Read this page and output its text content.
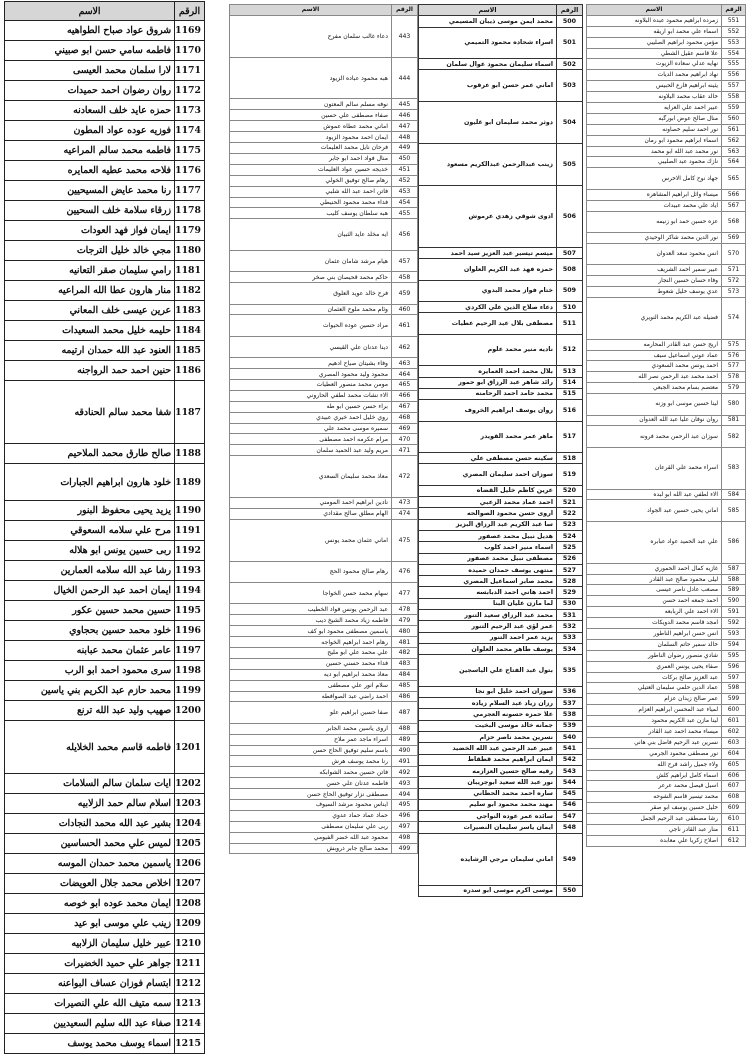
الرقم	الاسم
1169	شروق عواد صباح الطواهيه
1170	فاطمه سامي حسن ابو صبيني
1171	لارا سلمان محمد العيسى
1172	روان رضوان احمد حميدات
1173	حمزه عايد خلف السعادنه
1174	فوزيه عوده عواد المطون
1175	فاطمه محمد سالم المراعيه
1176	فلاحه محمد عطيه العمايره
1177	رنا محمد عايض المسيحيين
1178	زرقاء سلامة خلف السحيين
1179	ايمان فواز فهد العودات
1180	مجي خالد خليل الترجات
1181	رامي سليمان صقر التعانيه
1182	منار هارون عطا الله المراعيه
1183	عرين عيسى خلف المعاني
1184	حليمه خليل محمد السعيدات
1185	العنود عبد الله حمدان ارتيمه
1186	حنين احمد حمد الرواجنه
1187	شفا محمد سالم الحنادقه
1188	صالح طارق محمد الملاحيم
1189	خلود هارون ابراهيم الجبارات
1190	يزيد يحيى محفوظ البنور
1191	مرح علي سلامه السعوقي
1192	ربى حسين يونس ابو هلاله
1193	رشا عبد الله سلامه العمارين
1194	ايمان احمد عبد الرحمن الخيال
1195	حسين محمد حسين عكور
1196	خلود محمد حسين بحجاوي
1197	عامر عثمان محمد عبابنه
1198	سرى محمود احمد ابو الرب
1199	محمد حازم عبد الكريم بني ياسين
1200	صهيب وليد عبد الله ترنع
1201	فاطمه قاسم محمد الخلايله
1202	ايات سلمان سالم السلامات
1203	اسلام سالم حمد الزلابيه
1204	بشير عبد الله محمد النجادات
1205	لميس علي محمد الحساسين
1206	ياسمين محمد حمدان الموسه
1207	اخلاص محمد جلال العويضات
1208	ايمان محمد عوده ابو خوصه
1209	زينب علي موسى ابو عيد
1210	عبير خليل سليمان الزلابيه
1211	جواهر علي حميد الخضيرات
1212	ابتسام فوزان عساف البواعنه
1213	سمه متيف الله علي النصيرات
1214	صفاء عبد الله سليم السعيديين
1215	اسماء يوسف محمد يوسف
الرقم	الاسم
443	دعاء غالب سلمان مفرح
444	هبه محمود عباده الزيود
445	نوفه مسلم سالم المعتون
446	صفاء مصطفى علي حسين
447	اماني محمد عطاه عموش
448	ايمان احمد محمود الزيود
449	فرحان نايل محمد العليمات
450	منال فواد احمد ابو جابر
451	خديجه حسين عواد العليمات
452	رهام صالح توفيق الخولي
453	فاتن احمد عبد الله شلبي
454	فداء محمد محمود الحنيطي
455	هبه سلطان يوسف كليب
456	ايه مخلد عايد الثبيان
457	هيام مرشد شامان عثمان
458	حاكم محمد قحيصان بني صخر
459	فرح خالد عويد العلوق
460	وئام محمد ملوح العثمان
461	مراد حسين عوده الحيوات
462	دينا عدنان علي القيسي
463	وفاء بشيتان صياح ادهيم
464	محمود وليد محمود المصري
465	مومن محمد منصور العطيات
466	الاء نشات محمد لطفي الحاروني
467	براء حسن حسين ابو طه
468	روي خليل احمد خيري عبيدي
469	سميره موسى محمد علي
470	مرام عكرمه احمد مصطفى
471	مريم وليد عبد الحميد سلمان
472	معاذ محمد سليمان السعدي
473	نادين ابراهيم احمد المومني
474	الهام مطلق صالح مقدادي
475	اماني عثمان محمد يونس
476	رهام صالح محمود الحج
477	سهام محمد حسن الخواجا
478	عبد الرحمن يونس فواد الخطيب
479	فاطمه زياد محمد الشيخ ديب
480	ياسمين مصطفى محمود ابو كف
481	رهام احمد ابراهيم الخواجه
482	علي محمد علي ابو مليح
483	فداء محمد حسني حسين
484	معاذ محمد ابراهيم ابو ديه
485	سلام انور علي مصطفى
486	احمد راضي عبد الصوافطه
487	صفا حسين ابراهيم علو
488	اروى ياسين محمد الجابر
489	اسراء ماجد عمر ملاح
490	باسم سليم توفيق الحاج حسن
491	رنا محمد يوسف هرش
492	فاتن حسين محمد الشوابكه
493	فاطمه عدنان علي حسن
494	مصطفى نزار توفيق الحاج حسن
495	ايناس محمود مرشد السيوف
496	حماد عماد حماد عدوي
497	ربى علي سليمان مصطفى
498	محمود عبد الله خضر الفيومي
499	محمد صالح جابر دروبش
الرقم	الاسم
500	محمد ايمن موسى ذيبان المسيمي
501	اسراء شحاده محمود التميمي
502	اسماء سليمان محمود عوال سلمان
503	اماني عمر حسن ابو عرقوب
504	دوثر محمد سليمان ابو غليون
505	زينب عبدالرحمن عبدالكريم مسعود
506	ادوى شوقي زهدي عرموش
507	ميسم تيسير عبد العزيز سيد احمد
508	حمزه فهد عبد الكريم العلوان
509	ختام فواز محمد البدوي
510	دعاء صلاح الدين علي الكردي
511	مصطفى بلال عبد الرحيم عطيات
512	ناديه منير محمد علوم
513	بلال محمد احمد العمايره
514	رائد شاهر عبد الرزاق ابو حمور
515	محمد حامد احمد الرحامنه
516	روان يوسف ابراهيم الخروف
517	ماهر عمر محمد القويدر
518	سكينه حسن مصطفى علي
519	سوزان احمد سليمان المصري
520	عرين كاظم خليل القضاه
521	احمد عماد محمد الزعبي
522	اروى حسن محمود الصوالحه
523	سا عبد الكريم عبد الرزاق البزيز
524	هديل نبيل محمد عصفور
525	اسماء منير احمد كلوب
526	مصطفى نبيل محمد عصفور
527	منتهى يوسف حمدان حميده
528	محمد صابر اسماعيل المصري
529	احمد هاني احمد الدبابسه
530	لما مازن عليان البنا
531	محمد عبد الرزاق سعيد التنور
532	عمر لؤي عبد الرحيم التنور
533	يزيد عمر احمد التنور
534	يوسف طاهر محمد العلوان
535	بتول عبد الفتاح علي الياسجين
536	سوزان احمد خليل ابو نجا
537	رزان زياد عبد السلام زياده
538	علا حمزه حسونه العجرمي
539	جمانه خالد موسى البخيت
540	نسرين محمد ناصر حزام
541	عبير عبد الرحمن عبد الله الخضيد
542	ايمان ابراهيم محمد قطقاط
543	رقيه صالح حسين العزازمه
544	نور عبد الله سعيد ابوجريبان
545	ساره احمد محمد الحطاني
546	مهند محمد محمود ابو سليم
547	سائده عمر عوده النواجي
548	ايمان ياسر سليمان النصيرات
549	اماني سليمان مرجي الرشايده
550	موسى اكرم موسى ابو سدره
الرقم	الاسم
551	زمرده ابراهيم محمود عبده البلاونه
552	اسماء علي محمد ابو اريقه
553	مؤمن محمود ابراهيم الصليبي
554	علا قاسم عقيل الشطي
555	نهايه عدلي سعاده الزيوت
556	نهاد ابراهيم محمد الديات
557	يثينه ابراهيم فارع الحبيس
558	خالد عقاب محمد البلاونه
559	عبير احمد علي العرايه
560	منال صالح عوض ابورگبه
561	نور احمد سليم خصاونه
562	اسماء ابراهيم محمود ابو رمان
563	نور محمد عبد الله ابو محمد
564	نازك محمود عبد الصليبي
565	جهاد نوح كامل الاخرس
566	ميساء وائل ابراهيم المشاهره
567	اياد علي محمد عبيدات
568	عزه حسين حمد ابو زنيمه
569	نور الدين محمد شاكر الوحيدي
570	انس محمود سعد العدوان
571	عبير سمير احمد الشريف
572	وفاء حسان حسين النجار
573	عدي يوسف خليل شعوط
574	فضيله عبد الكريم محمد النويري
575	اريج حسن عبد القادر المحارمه
576	عماد عوني اسماعيل سيف
577	احمد يونس محمد السعودي
578	احمد محمد عبد الرحمن نصر الله
579	معتصم بسام محمد الجبعي
580	لينا حسين موسى ابو وزنه
581	روان نوفان عليا عبد الله العدوان
582	سوزان عبد الرحمن محمد فرونه
583	اسراء محمد علي القرعان
584	الاء لطفي عبد الله ابو لبده
585	اماني يحيى حسين عبد الجواد
586	علي عبد الحميد عواد عبابره
587	غازيه كمال احمد الحموري
588	ليلى محمود صالح عبد القادر
589	مصعب عادل ناصر عيسى
590	احمد جمعه احمد حسن
591	الاء احمد علي الربابعه
592	امجد قاسم محمد الدويكات
593	انس حسن ابراهيم الناطور
594	خالد سمير حاتم السلمان
595	شادي منصور رضوان الناطور
596	صفاء يحيى يونس العمري
597	عبد العزيز صالح بركات
598	عماد الدين حلمي سليمان العتيلي
599	عمر صالح زيدان عزام
600	لمياء عبد المحسن ابراهيم العزام
601	لينا مازن عبد الكريم محمود
602	ميساء محمد احمد عبد القادر
603	نسرين عبد الرحيم فاضل بني هاني
604	نور مصطفى محمود الجرمي
605	ولاء جميل راشد فرح الله
606	اسماء كامل ابراهيم كلش
607	اسيل فيصل محمد عرعر
608	محمد تيسير قاسم الشوحه
609	خليل حسين يوسف ابو صقر
610	رشا مصطفى عبد الرحيم الجمل
611	منار عبد القادر ناجي
612	اصلاح زكريا علي معابده
